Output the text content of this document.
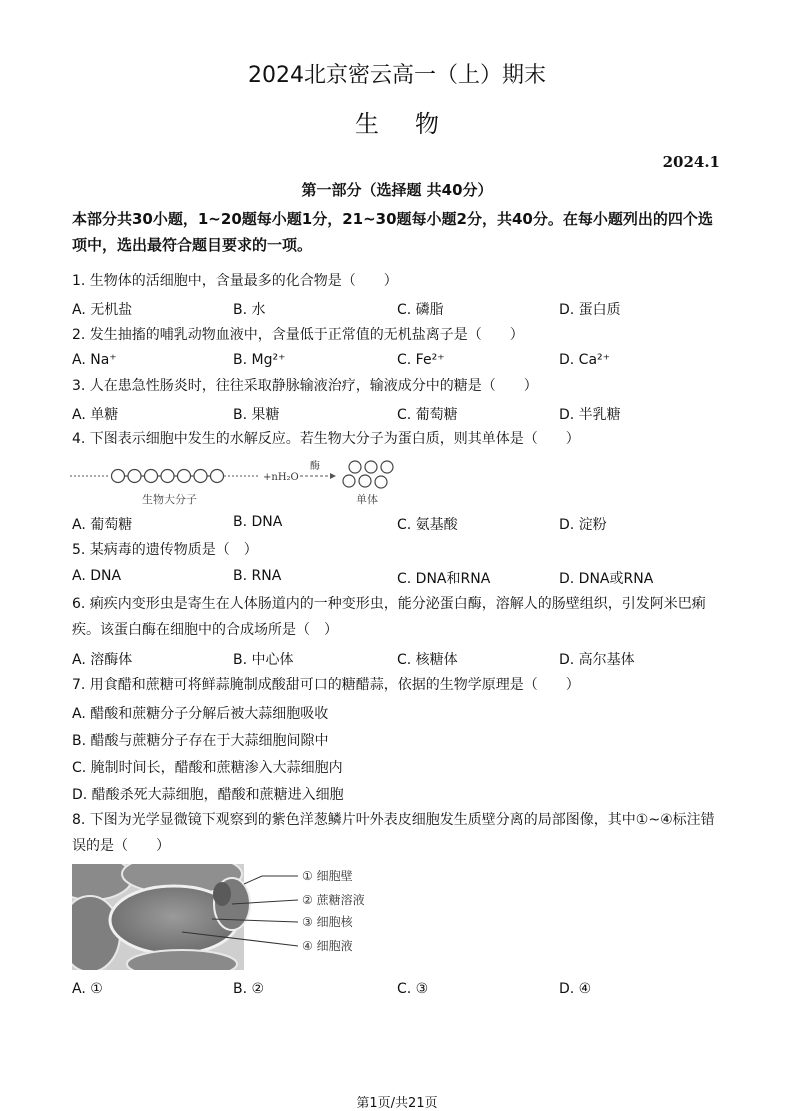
2024北京密云高一（上）期末
生物
2024.1
第一部分（选择题 共40分）
本部分共30小题，1~20题每小题1分，21~30题每小题2分，共40分。在每小题列出的四个选项中，选出最符合题目要求的一项。
1. 生物体的活细胞中，含量最多的化合物是（　　）
A. 无机盐	B. 水	C. 磷脂	D. 蛋白质
2. 发生抽搐的哺乳动物血液中，含量低于正常值的无机盐离子是（　　）
A. Na⁺	B. Mg²⁺	C. Fe²⁺	D. Ca²⁺
3. 人在患急性肠炎时，往往采取静脉输液治疗，输液成分中的糖是（　　）
A. 单糖	B. 果糖	C. 葡萄糖	D. 半乳糖
4. 下图表示细胞中发生的水解反应。若生物大分子为蛋白质，则其单体是（　　）
+nH₂O
酶
生物大分子	单体
A. 葡萄糖	B. DNA	C. 氨基酸	D. 淀粉
5. 某病毒的遗传物质是（　）
A. DNA	B. RNA	C. DNA和RNA	D. DNA或RNA
6. 痢疾内变形虫是寄生在人体肠道内的一种变形虫，能分泌蛋白酶，溶解人的肠壁组织，引发阿米巴痢疾。该蛋白酶在细胞中的合成场所是（　）
A. 溶酶体	B. 中心体	C. 核糖体	D. 高尔基体
7. 用食醋和蔗糖可将鲜蒜腌制成酸甜可口的糖醋蒜，依据的生物学原理是（　　）
A. 醋酸和蔗糖分子分解后被大蒜细胞吸收
B. 醋酸与蔗糖分子存在于大蒜细胞间隙中
C. 腌制时间长，醋酸和蔗糖渗入大蒜细胞内
D. 醋酸杀死大蒜细胞，醋酸和蔗糖进入细胞
8. 下图为光学显微镜下观察到的紫色洋葱鳞片叶外表皮细胞发生质壁分离的局部图像，其中①~④标注错误的是（　　）
① 细胞壁
② 蔗糖溶液
③ 细胞核
④ 细胞液
A. ①	B. ②	C. ③	D. ④
第1页/共21页
